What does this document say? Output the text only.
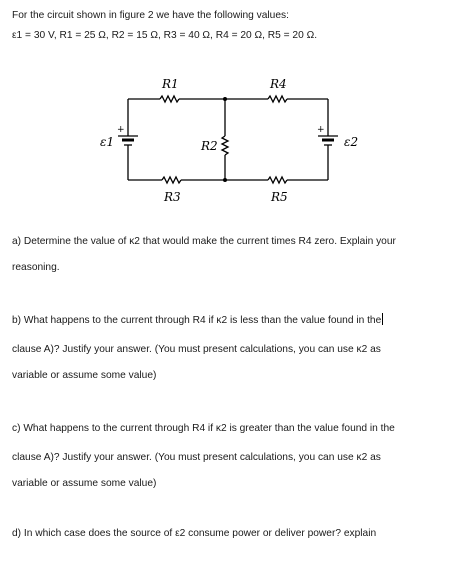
For the circuit shown in figure 2 we have the following values:
ε1 = 30 V, R1 = 25 Ω, R2 = 15 Ω, R3 = 40 Ω, R4 = 20 Ω, R5 = 20 Ω.
ε1
+
ε2
+
R1	R4
R2
R3	R5
a) Determine the value of ĸ2 that would make the current times R4 zero. Explain your
reasoning.
b) What happens to the current through R4 if ĸ2 is less than the value found in the
clause A)? Justify your answer. (You must present calculations, you can use ĸ2 as
variable or assume some value)
c) What happens to the current through R4 if ĸ2 is greater than the value found in the
clause A)? Justify your answer. (You must present calculations, you can use ĸ2 as
variable or assume some value)
d) In which case does the source of ε2 consume power or deliver power? explain
